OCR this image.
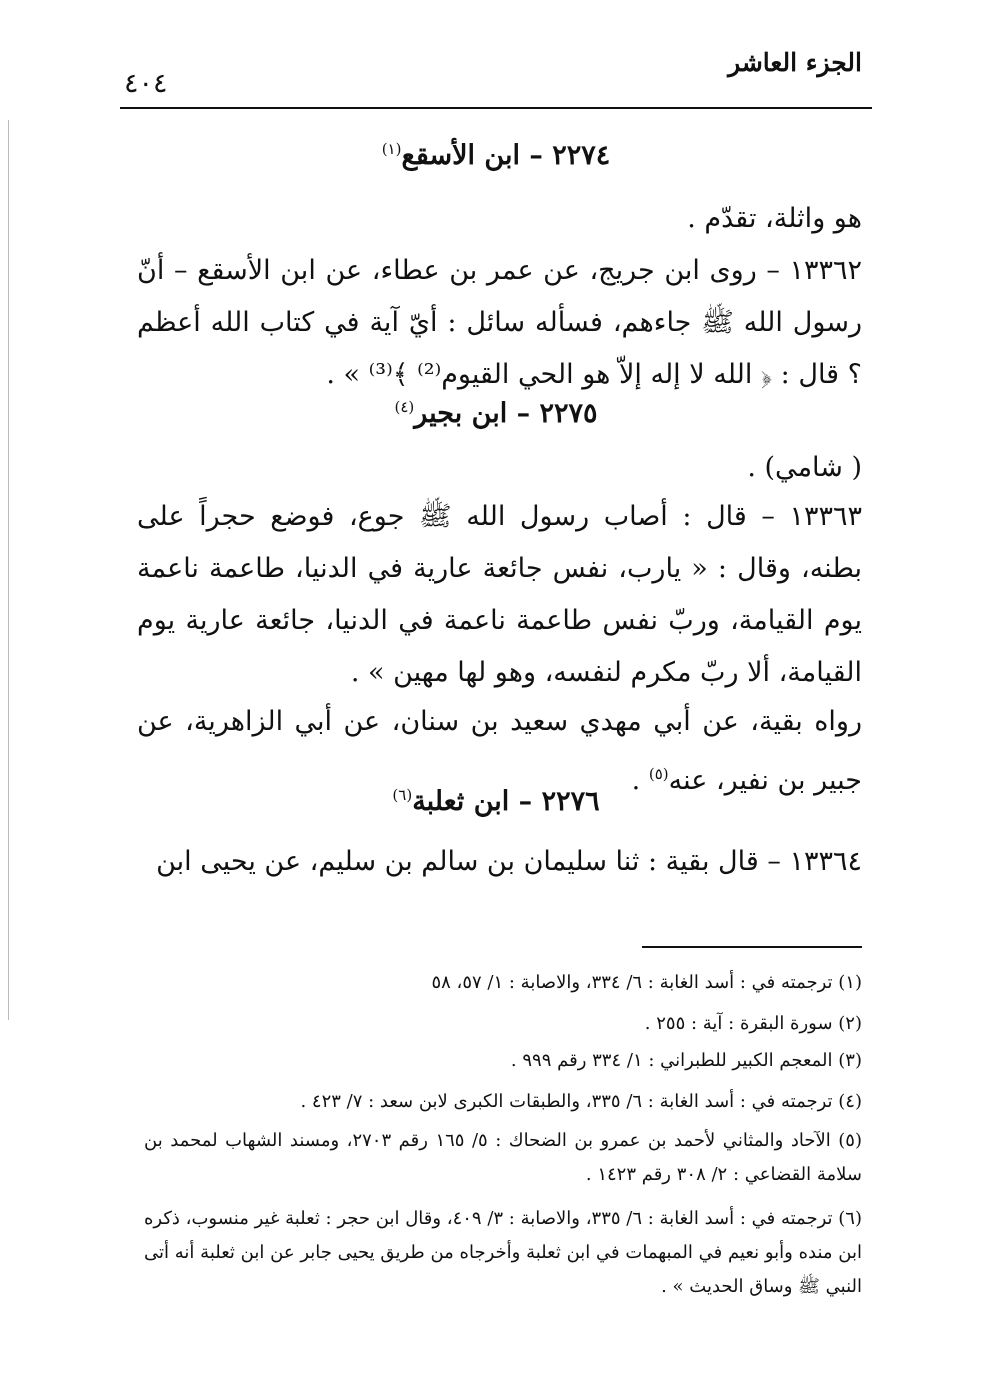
الجزء العاشر
٤٠٤
٢٢٧٤ – ابن الأسقع$^{(١)}$
هو واثلة، تقدّم .
١٣٣٦٢ – روى ابن جريج، عن عمر بن عطاء، عن ابن الأسقع – أنّ رسول الله ﷺ جاءهم، فسأله سائل : أيّ آية في كتاب الله أعظم ؟ قال : ﴿ الله لا إله إلاّ هو الحي القيوم⁽²⁾ ﴾⁽³⁾ » .
٢٢٧٥ – ابن بجير$^{(٤)}$
( شامي) .
١٣٣٦٣ – قال : أصاب رسول الله ﷺ جوع، فوضع حجراً على بطنه، وقال : « يارب، نفس جائعة عارية في الدنيا، طاعمة ناعمة يوم القيامة، وربّ نفس طاعمة ناعمة في الدنيا، جائعة عارية يوم القيامة، ألا ربّ مكرم لنفسه، وهو لها مهين » .
رواه بقية، عن أبي مهدي سعيد بن سنان، عن أبي الزاهرية، عن جبير بن نفير، عنه$^{(٥)}$ .
٢٢٧٦ – ابن ثعلبة$^{(٦)}$
١٣٣٦٤ – قال بقية : ثنا سليمان بن سالم بن سليم، عن يحيى ابن
(١) ترجمته في : أسد الغابة : ٦/ ٣٣٤، والاصابة : ١/ ٥٧، ٥٨
(٢) سورة البقرة : آية : ٢٥٥ .
(٣) المعجم الكبير للطبراني : ١/ ٣٣٤ رقم ٩٩٩ .
(٤) ترجمته في : أسد الغابة : ٦/ ٣٣٥، والطبقات الكبرى لابن سعد : ٧/ ٤٢٣ .
(٥) الآحاد والمثاني لأحمد بن عمرو بن الضحاك : ٥/ ١٦٥ رقم ٢٧٠٣، ومسند الشهاب لمحمد بن سلامة القضاعي : ٢/ ٣٠٨ رقم ١٤٢٣ .
(٦) ترجمته في : أسد الغابة : ٦/ ٣٣٥، والاصابة : ٣/ ٤٠٩، وقال ابن حجر : ثعلبة غير منسوب، ذكره ابن منده وأبو نعيم في المبهمات في ابن ثعلبة وأخرجاه من طريق يحيى جابر عن ابن ثعلبة أنه أتى النبي ﷺ وساق الحديث » .
